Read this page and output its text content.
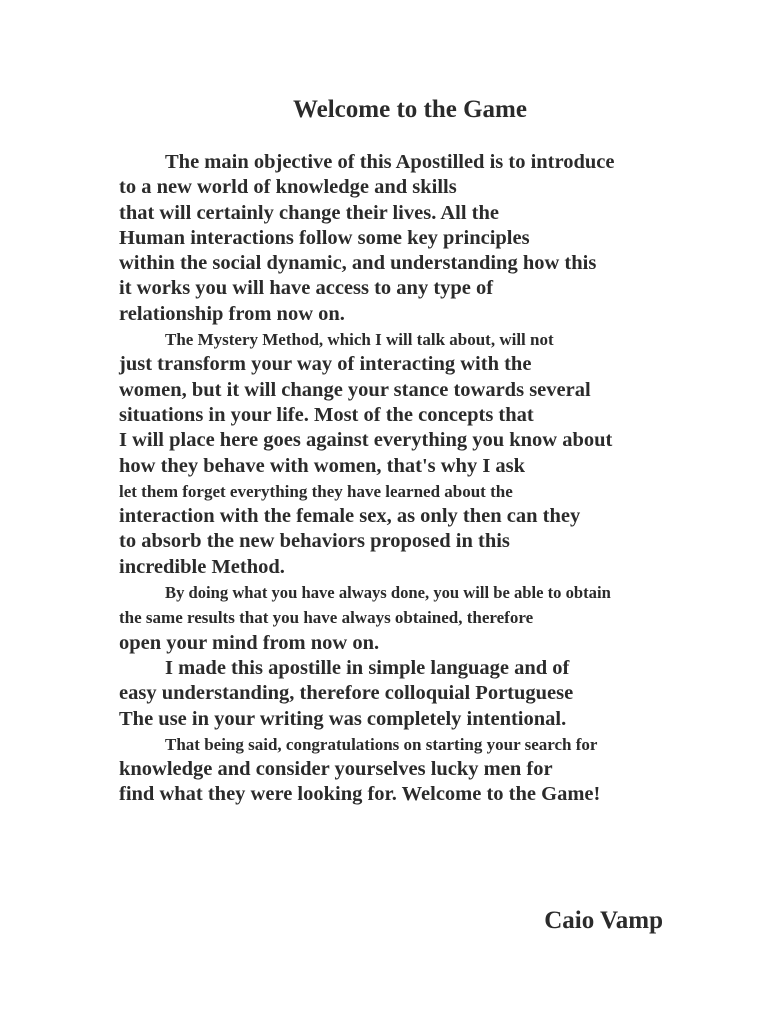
Welcome to the Game
The main objective of this Apostilled is to introduce
to a new world of knowledge and skills
that will certainly change their lives. All the
Human interactions follow some key principles
within the social dynamic, and understanding how this
it works you will have access to any type of
relationship from now on.
The Mystery Method, which I will talk about, will not
just transform your way of interacting with the
women, but it will change your stance towards several
situations in your life. Most of the concepts that
I will place here goes against everything you know about
how they behave with women, that's why I ask
let them forget everything they have learned about the
interaction with the female sex, as only then can they
to absorb the new behaviors proposed in this
incredible Method.
By doing what you have always done, you will be able to obtain
the same results that you have always obtained, therefore
open your mind from now on.
I made this apostille in simple language and of
easy understanding, therefore colloquial Portuguese
The use in your writing was completely intentional.
That being said, congratulations on starting your search for
knowledge and consider yourselves lucky men for
find what they were looking for. Welcome to the Game!
Caio Vamp
